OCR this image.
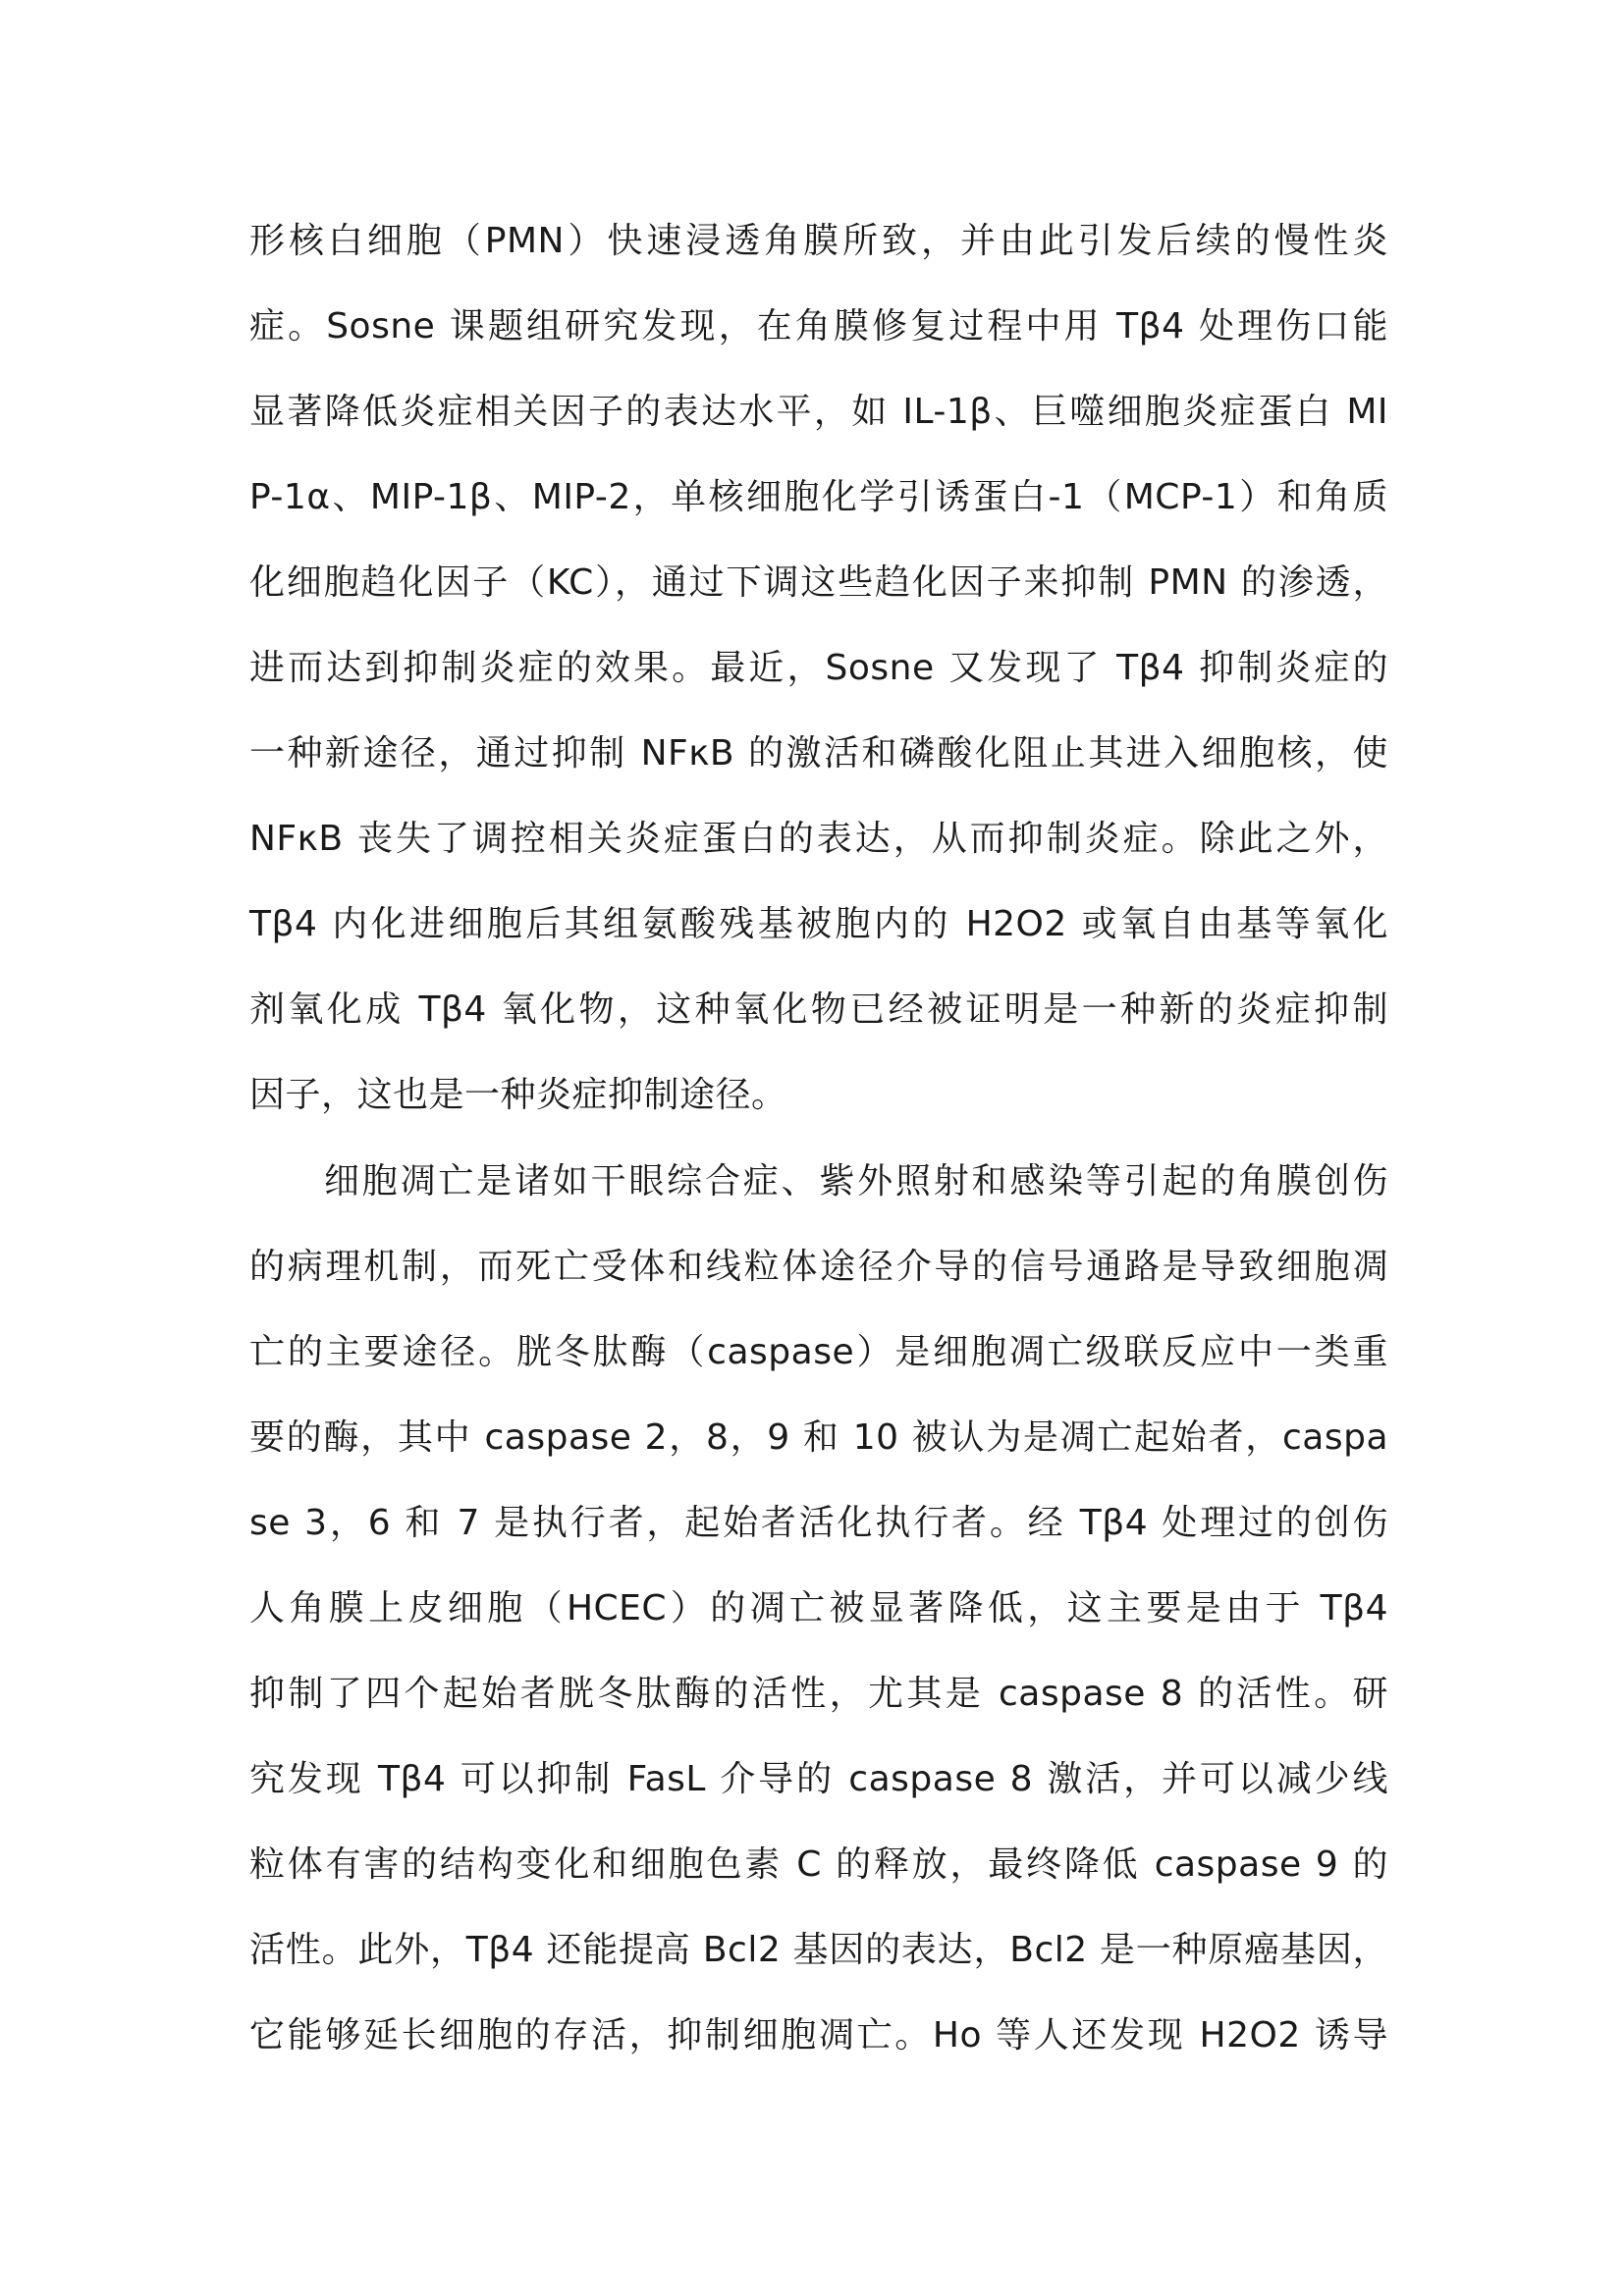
形核白细胞（PMN）快速浸透角膜所致，并由此引发后续的慢性炎
症。Sosne 课题组研究发现，在角膜修复过程中用 Tβ4 处理伤口能
显著降低炎症相关因子的表达水平，如 IL-1β、巨噬细胞炎症蛋白 MI
P-1α、MIP-1β、MIP-2，单核细胞化学引诱蛋白-1（MCP-1）和角质
化细胞趋化因子（KC），通过下调这些趋化因子来抑制 PMN 的渗透，
进而达到抑制炎症的效果。最近，Sosne 又发现了 Tβ4 抑制炎症的
一种新途径，通过抑制 NFκB 的激活和磷酸化阻止其进入细胞核，使
NFκB 丧失了调控相关炎症蛋白的表达，从而抑制炎症。除此之外，
Tβ4 内化进细胞后其组氨酸残基被胞内的 H2O2 或氧自由基等氧化
剂氧化成 Tβ4 氧化物，这种氧化物已经被证明是一种新的炎症抑制
因子，这也是一种炎症抑制途径。
细胞凋亡是诸如干眼综合症、紫外照射和感染等引起的角膜创伤
的病理机制，而死亡受体和线粒体途径介导的信号通路是导致细胞凋
亡的主要途径。胱冬肽酶（caspase）是细胞凋亡级联反应中一类重
要的酶，其中 caspase 2，8，9 和 10 被认为是凋亡起始者，caspa
se 3，6 和 7 是执行者，起始者活化执行者。经 Tβ4 处理过的创伤
人角膜上皮细胞（HCEC）的凋亡被显著降低，这主要是由于 Tβ4
抑制了四个起始者胱冬肽酶的活性，尤其是 caspase 8 的活性。研
究发现 Tβ4 可以抑制 FasL 介导的 caspase 8 激活，并可以减少线
粒体有害的结构变化和细胞色素 C 的释放，最终降低 caspase 9 的
活性。此外，Tβ4 还能提高 Bcl2 基因的表达，Bcl2 是一种原癌基因，
它能够延长细胞的存活，抑制细胞凋亡。Ho 等人还发现 H2O2 诱导
